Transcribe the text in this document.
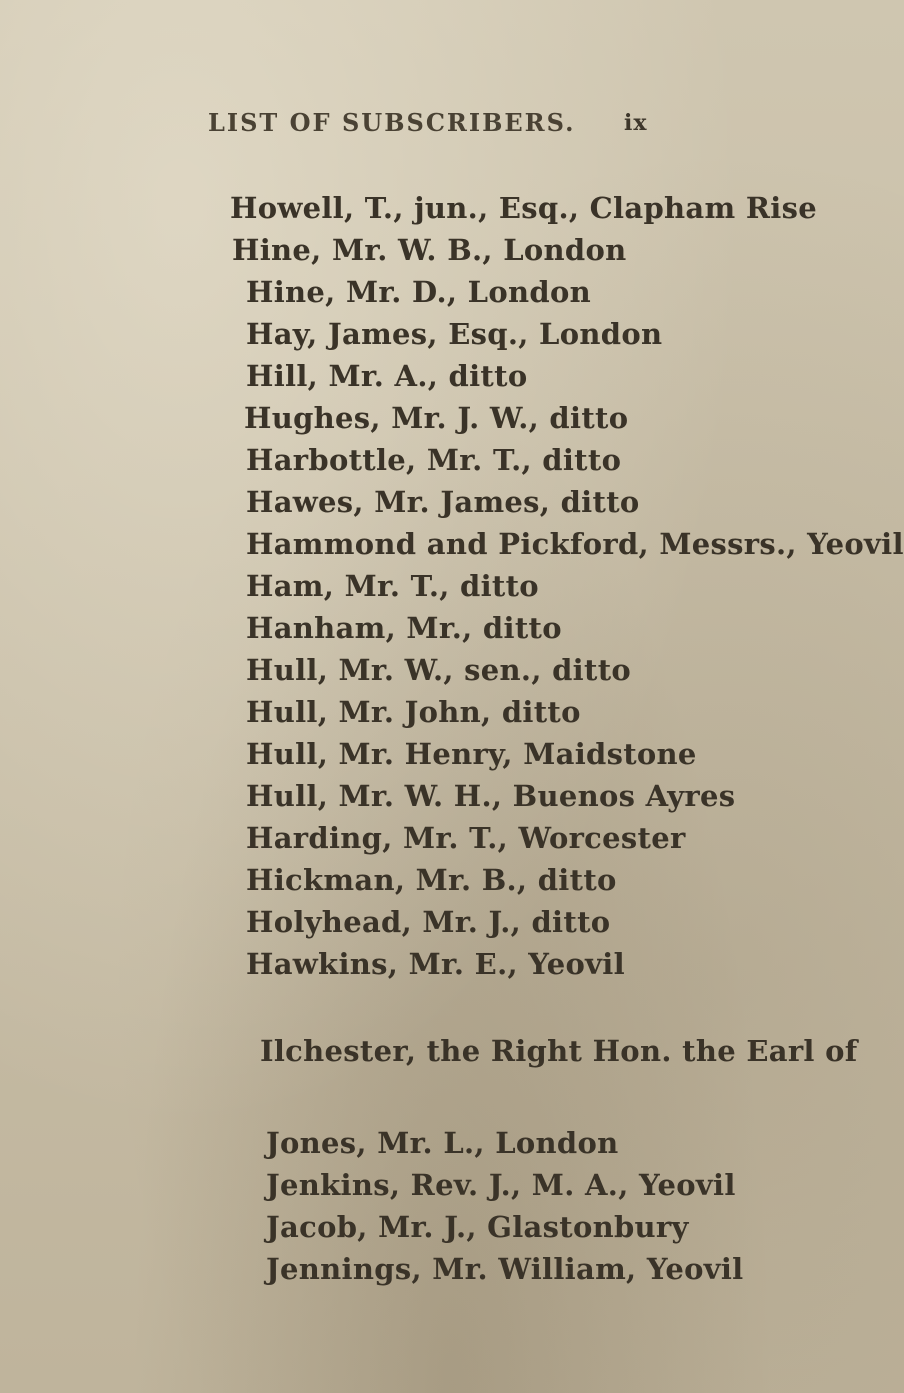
LIST OF SUBSCRIBERS. ix
Howell, T., jun., Esq., Clapham Rise
Hine, Mr. W. B., London
Hine, Mr. D., London
Hay, James, Esq., London
Hill, Mr. A., ditto
Hughes, Mr. J. W., ditto
Harbottle, Mr. T., ditto
Hawes, Mr. James, ditto
Hammond and Pickford, Messrs., Yeovil
Ham, Mr. T., ditto
Hanham, Mr., ditto
Hull, Mr. W., sen., ditto
Hull, Mr. John, ditto
Hull, Mr. Henry, Maidstone
Hull, Mr. W. H., Buenos Ayres
Harding, Mr. T., Worcester
Hickman, Mr. B., ditto
Holyhead, Mr. J., ditto
Hawkins, Mr. E., Yeovil
Ilchester, the Right Hon. the Earl of
Jones, Mr. L., London
Jenkins, Rev. J., M. A., Yeovil
Jacob, Mr. J., Glastonbury
Jennings, Mr. William, Yeovil
